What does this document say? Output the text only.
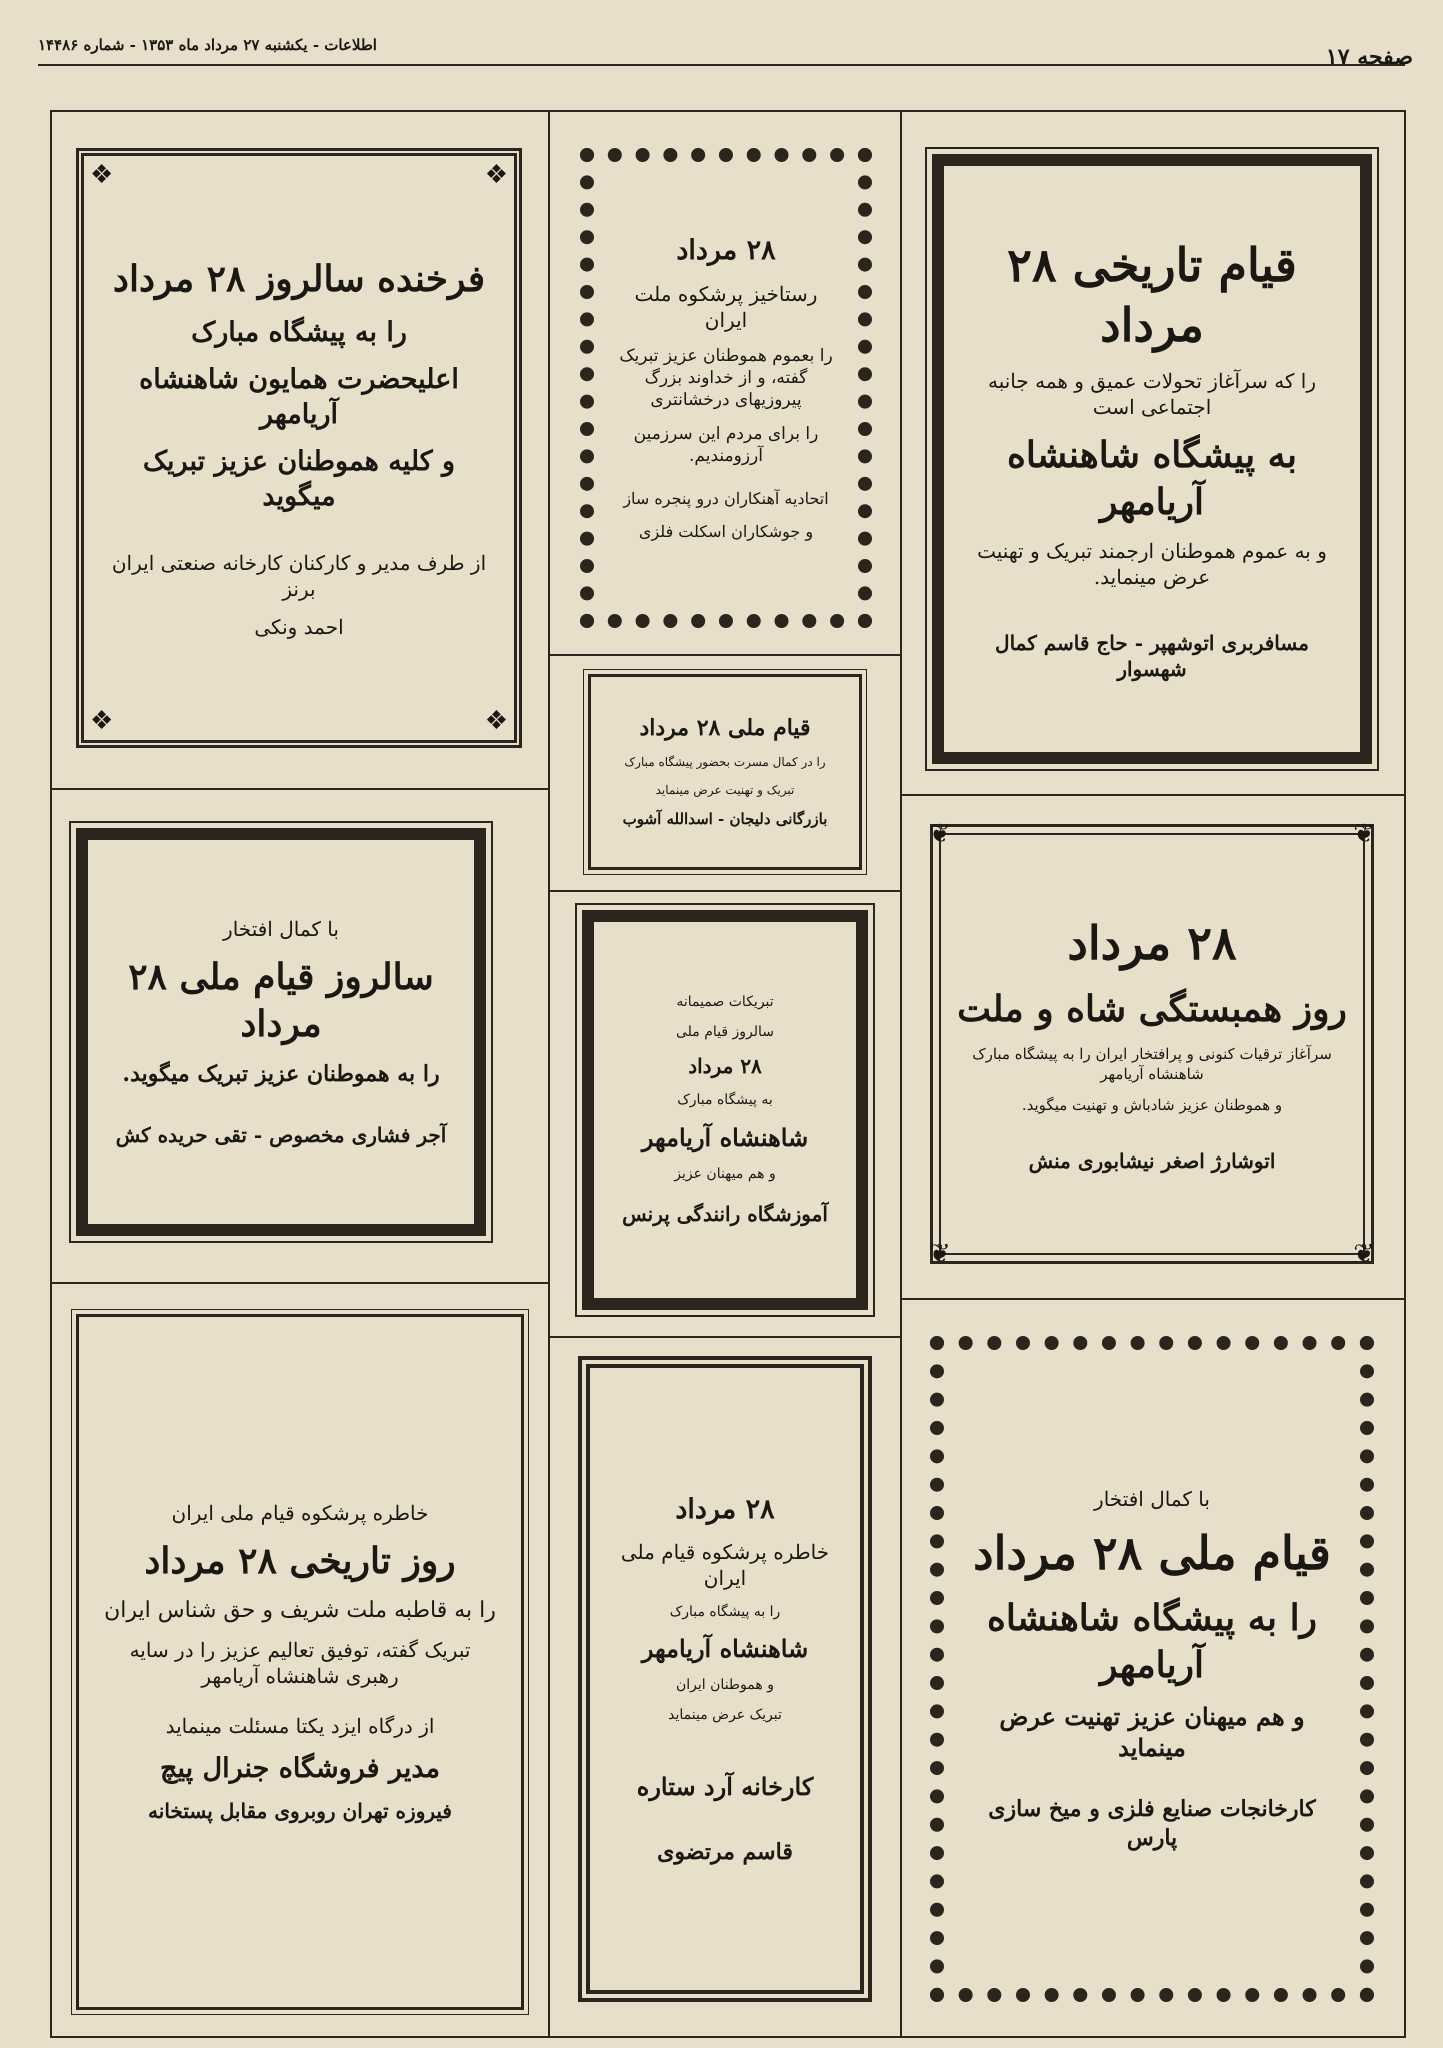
صفحه ۱۷
اطلاعات - یکشنبه ۲۷ مرداد ماه ۱۳۵۳ - شماره ۱۴۴۸۶
❖	❖
❖	❖

فرخنده سالروز ۲۸ مرداد

را به پیشگاه مبارک

اعلیحضرت همایون شاهنشاه آریامهر

و کلیه هموطنان عزیز تبریک میگوید

از طرف مدیر و کارکنان کارخانه صنعتی ایران برنز

احمد ونکی

۲۸ مرداد

رستاخیز پرشکوه ملت ایران

را بعموم هموطنان عزیز تبریک گفته، و از خداوند بزرگ پیروزیهای درخشانتری

را برای مردم این سرزمین آرزومندیم.

اتحادیه آهنکاران درو پنجره ساز

و جوشکاران اسکلت فلزی

قیام تاریخی ۲۸ مرداد

را که سرآغاز تحولات عمیق و همه جانبه اجتماعی است

به پیشگاه شاهنشاه آریامهر

و به عموم هموطنان ارجمند تبریک و تهنیت عرض مینماید.

مسافربری اتوشهپر - حاج قاسم کمال شهسوار

قیام ملی ۲۸ مرداد

را در کمال مسرت بحضور پیشگاه مبارک

تبریک و تهنیت عرض مینماید

بازرگانی دلیجان - اسدالله آشوب

با کمال افتخار

سالروز قیام ملی ۲۸ مرداد

را به هموطنان عزیز تبریک میگوید.

آجر فشاری مخصوص - تقی حریده کش

❦	❦
❦	❦

۲۸ مرداد

روز همبستگی شاه و ملت

سرآغاز ترقیات کنونی و پرافتخار ایران را به پیشگاه مبارک شاهنشاه آریامهر

و هموطنان عزیز شادباش و تهنیت میگوید.

اتوشارژ اصغر نیشابوری منش

تبریکات صمیمانه

سالروز قیام ملی

۲۸ مرداد

به پیشگاه مبارک

شاهنشاه آریامهر

و هم میهنان عزیز

آموزشگاه رانندگی پرنس

خاطره پرشکوه قیام ملی ایران

روز تاریخی ۲۸ مرداد

را به قاطبه ملت شریف و حق شناس ایران

تبریک گفته، توفیق تعالیم عزیز را در سایه رهبری شاهنشاه آریامهر

از درگاه ایزد یکتا مسئلت مینماید

مدیر فروشگاه جنرال پیچ

فیروزه تهران روبروی مقابل پستخانه

۲۸ مرداد

خاطره پرشکوه قیام ملی ایران

را به پیشگاه مبارک

شاهنشاه آریامهر

و هموطنان ایران

تبریک عرض مینماید

کارخانه آرد ستاره

قاسم مرتضوی

با کمال افتخار

قیام ملی ۲۸ مرداد

را به پیشگاه شاهنشاه آریامهر

و هم میهنان عزیز تهنیت عرض مینماید

کارخانجات صنایع فلزی و میخ سازی پارس
